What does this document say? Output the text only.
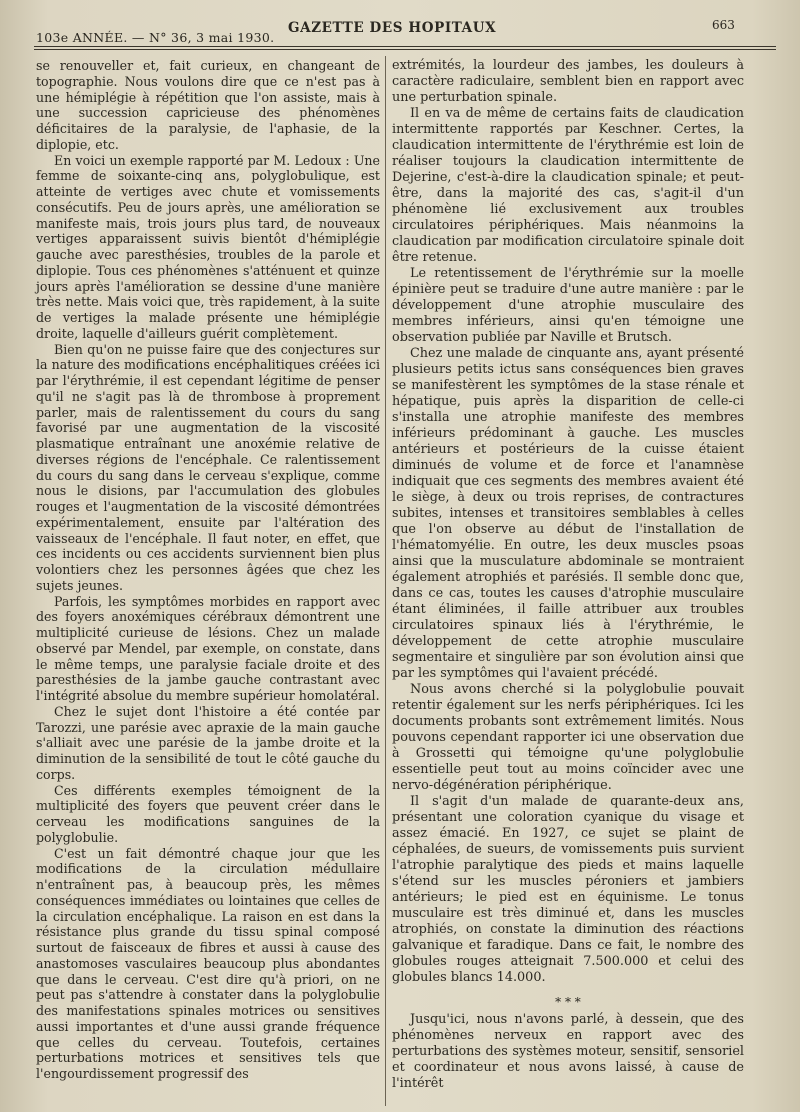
103e ANNÉE. — N° 36, 3 mai 1930.
GAZETTE DES HOPITAUX	663

se renouveller et, fait curieux, en changeant de topographie. Nous voulons dire que ce n'est pas à une hémiplégie à répétition que l'on assiste, mais à une succession capricieuse des phénomènes déficitaires de la paralysie, de l'aphasie, de la diplopie, etc.

En voici un exemple rapporté par M. Ledoux : Une femme de soixante-cinq ans, polyglobulique, est atteinte de vertiges avec chute et vomissements consécutifs. Peu de jours après, une amélioration se manifeste mais, trois jours plus tard, de nouveaux vertiges apparaissent suivis bientôt d'hémiplégie gauche avec paresthésies, troubles de la parole et diplopie. Tous ces phénomènes s'atténuent et quinze jours après l'amélioration se dessine d'une manière très nette. Mais voici que, très rapidement, à la suite de vertiges la malade présente une hémiplégie droite, laquelle d'ailleurs guérit complètement.

Bien qu'on ne puisse faire que des conjectures sur la nature des modifications encéphalitiques créées ici par l'érythrémie, il est cependant légitime de penser qu'il ne s'agit pas là de thrombose à proprement parler, mais de ralentissement du cours du sang favorisé par une augmentation de la viscosité plasmatique entraînant une anoxémie relative de diverses régions de l'encéphale. Ce ralentissement du cours du sang dans le cerveau s'explique, comme nous le disions, par l'accumulation des globules rouges et l'augmentation de la viscosité démontrées expérimentalement, ensuite par l'altération des vaisseaux de l'encéphale. Il faut noter, en effet, que ces incidents ou ces accidents surviennent bien plus volontiers chez les personnes âgées que chez les sujets jeunes.

Parfois, les symptômes morbides en rapport avec des foyers anoxémiques cérébraux démontrent une multiplicité curieuse de lésions. Chez un malade observé par Mendel, par exemple, on constate, dans le même temps, une paralysie faciale droite et des paresthésies de la jambe gauche contrastant avec l'intégrité absolue du membre supérieur homolatéral.

Chez le sujet dont l'histoire a été contée par Tarozzi, une parésie avec apraxie de la main gauche s'alliait avec une parésie de la jambe droite et la diminution de la sensibilité de tout le côté gauche du corps.

Ces différents exemples témoignent de la multiplicité des foyers que peuvent créer dans le cerveau les modifications sanguines de la polyglobulie.

C'est un fait démontré chaque jour que les modifications de la circulation médullaire n'entraînent pas, à beaucoup près, les mêmes conséquences immédiates ou lointaines que celles de la circulation encéphalique. La raison en est dans la résistance plus grande du tissu spinal composé surtout de faisceaux de fibres et aussi à cause des anastomoses vasculaires beaucoup plus abondantes que dans le cerveau. C'est dire qu'à priori, on ne peut pas s'attendre à constater dans la polyglobulie des manifestations spinales motrices ou sensitives aussi importantes et d'une aussi grande fréquence que celles du cerveau. Toutefois, certaines perturbations motrices et sensitives tels que l'engourdissement progressif des

extrémités, la lourdeur des jambes, les douleurs à caractère radiculaire, semblent bien en rapport avec une perturbation spinale.

Il en va de même de certains faits de claudication intermittente rapportés par Keschner. Certes, la claudication intermittente de l'érythrémie est loin de réaliser toujours la claudication intermittente de Dejerine, c'est-à-dire la claudication spinale; et peut-être, dans la majorité des cas, s'agit-il d'un phénomène lié exclusivement aux troubles circulatoires périphériques. Mais néanmoins la claudication par modification circulatoire spinale doit être retenue.

Le retentissement de l'érythrémie sur la moelle épinière peut se traduire d'une autre manière : par le développement d'une atrophie musculaire des membres inférieurs, ainsi qu'en témoigne une observation publiée par Naville et Brutsch.

Chez une malade de cinquante ans, ayant présenté plusieurs petits ictus sans conséquences bien graves se manifestèrent les symptômes de la stase rénale et hépatique, puis après la disparition de celle-ci s'installa une atrophie manifeste des membres inférieurs prédominant à gauche. Les muscles antérieurs et postérieurs de la cuisse étaient diminués de volume et de force et l'anamnèse indiquait que ces segments des membres avaient été le siège, à deux ou trois reprises, de contractures subites, intenses et transitoires semblables à celles que l'on observe au début de l'installation de l'hématomyélie. En outre, les deux muscles psoas ainsi que la musculature abdominale se montraient également atrophiés et parésiés. Il semble donc que, dans ce cas, toutes les causes d'atrophie musculaire étant éliminées, il faille attribuer aux troubles circulatoires spinaux liés à l'érythrémie, le développement de cette atrophie musculaire segmentaire et singulière par son évolution ainsi que par les symptômes qui l'avaient précédé.

Nous avons cherché si la polyglobulie pouvait retentir également sur les nerfs périphériques. Ici les documents probants sont extrêmement limités. Nous pouvons cependant rapporter ici une observation due à Grossetti qui témoigne qu'une polyglobulie essentielle peut tout au moins coïncider avec une nervo-dégénération périphérique.

Il s'agit d'un malade de quarante-deux ans, présentant une coloration cyanique du visage et assez émacié. En 1927, ce sujet se plaint de céphalées, de sueurs, de vomissements puis survient l'atrophie paralytique des pieds et mains laquelle s'étend sur les muscles péroniers et jambiers antérieurs; le pied est en équinisme. Le tonus musculaire est très diminué et, dans les muscles atrophiés, on constate la diminution des réactions galvanique et faradique. Dans ce fait, le nombre des globules rouges atteignait 7.500.000 et celui des globules blancs 14.000.

* * *

Jusqu'ici, nous n'avons parlé, à dessein, que des phénomènes nerveux en rapport avec des perturbations des systèmes moteur, sensitif, sensoriel et coordinateur et nous avons laissé, à cause de l'intérêt
